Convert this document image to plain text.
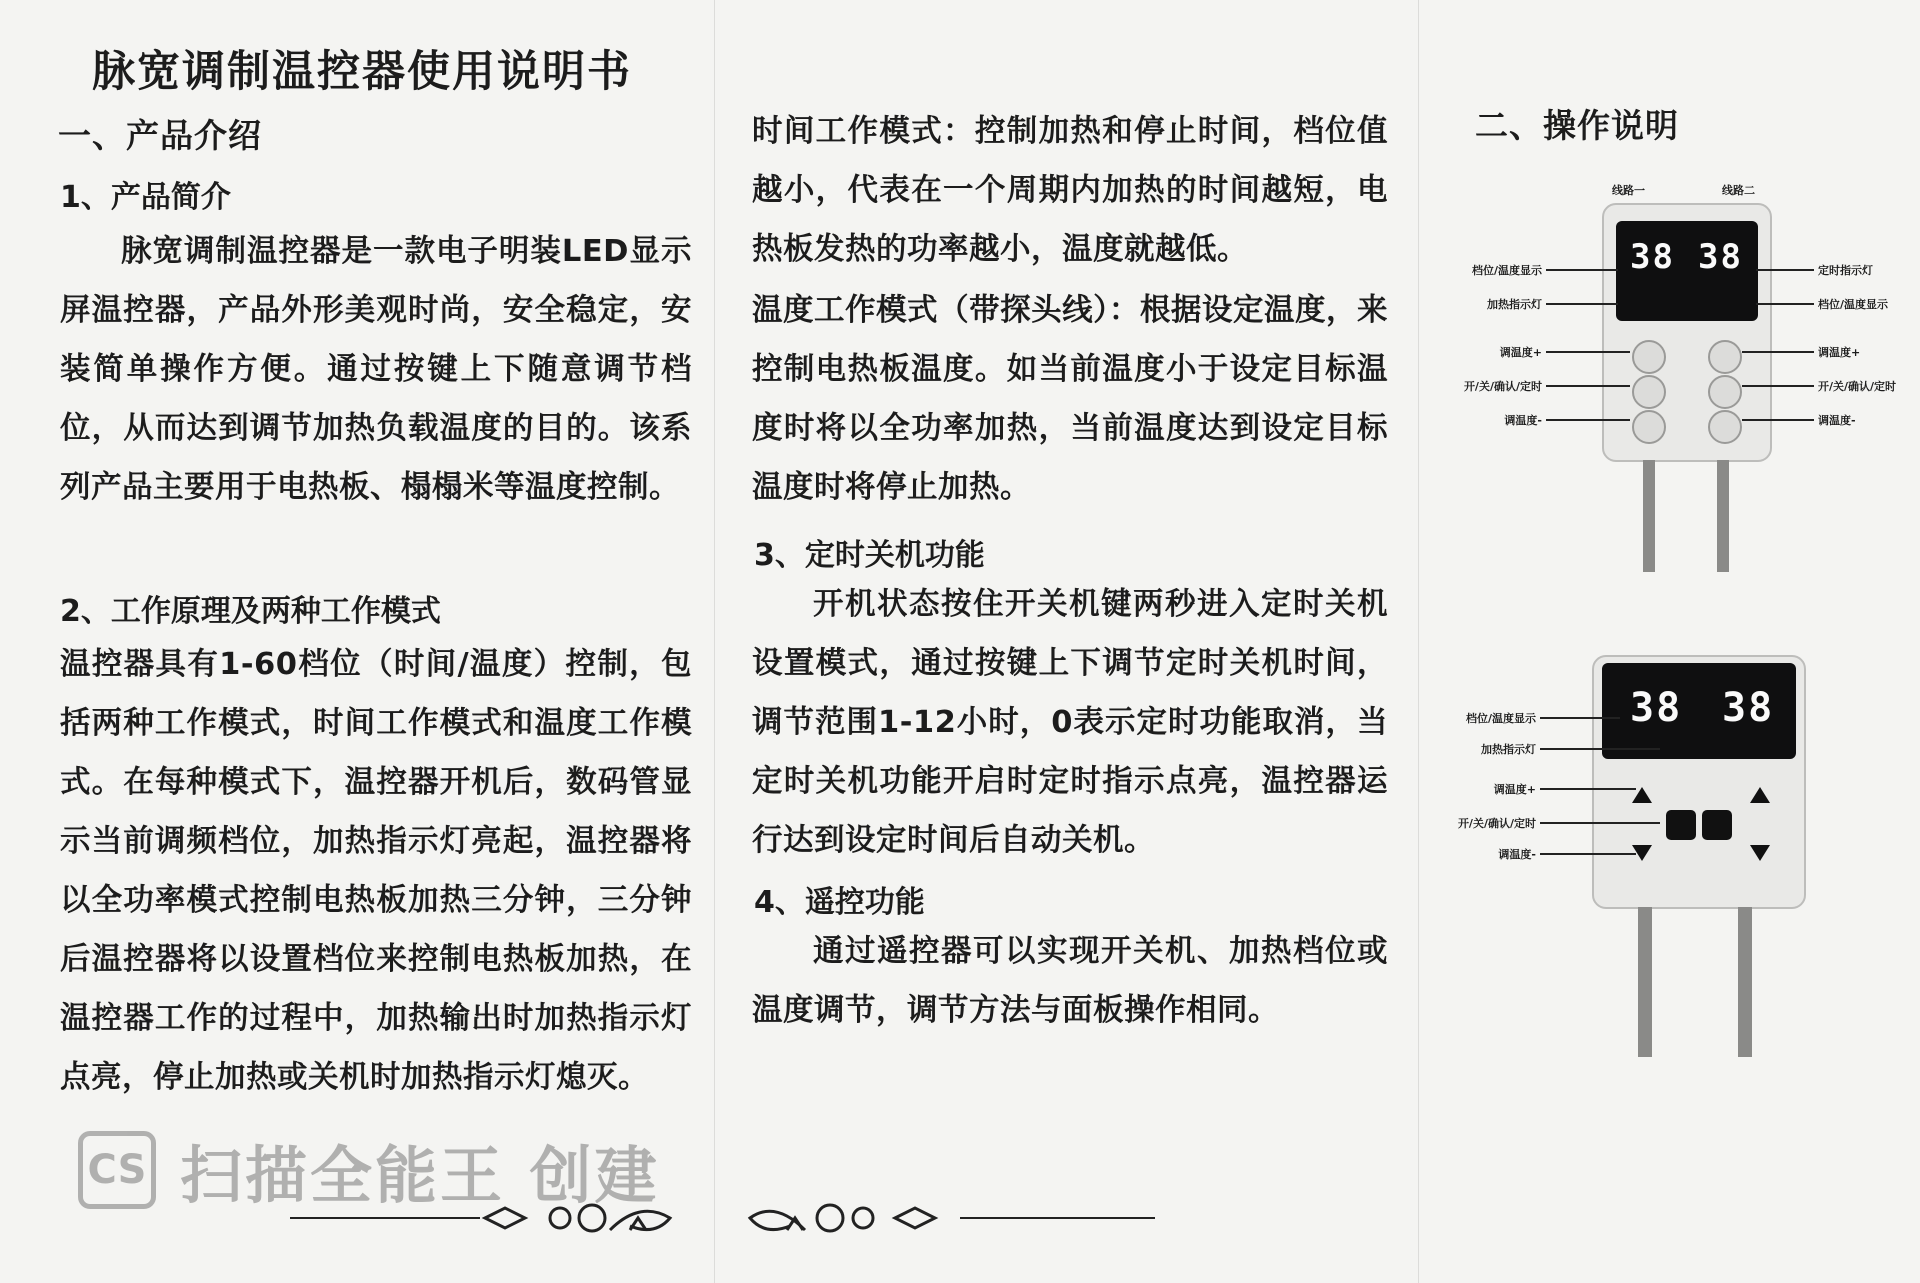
脉宽调制温控器使用说明书
一、产品介绍
1、产品简介

脉宽调制温控器是一款电子明装LED显示屏温控器，产品外形美观时尚，安全稳定，安装简单操作方便。通过按键上下随意调节档位，从而达到调节加热负载温度的目的。该系列产品主要用于电热板、榻榻米等温度控制。

2、工作原理及两种工作模式

温控器具有1-60档位（时间/温度）控制，包括两种工作模式，时间工作模式和温度工作模式。在每种模式下，温控器开机后，数码管显示当前调频档位，加热指示灯亮起，温控器将以全功率模式控制电热板加热三分钟，三分钟后温控器将以设置档位来控制电热板加热，在温控器工作的过程中，加热输出时加热指示灯点亮，停止加热或关机时加热指示灯熄灭。

时间工作模式：控制加热和停止时间，档位值越小，代表在一个周期内加热的时间越短，电热板发热的功率越小，温度就越低。

温度工作模式（带探头线）：根据设定温度，来控制电热板温度。如当前温度小于设定目标温度时将以全功率加热，当前温度达到设定目标温度时将停止加热。

3、定时关机功能

开机状态按住开关机键两秒进入定时关机设置模式，通过按键上下调节定时关机时间，调节范围1-12小时，0表示定时功能取消，当定时关机功能开启时定时指示点亮，温控器运行达到设定时间后自动关机。

4、遥控功能

通过遥控器可以实现开关机、加热档位或温度调节，调节方法与面板操作相同。

二、操作说明
线路一	线路二
38 38
档位/温度显示
加热指示灯
调温度+
开/关/确认/定时
调温度-
定时指示灯
档位/温度显示
调温度+
开/关/确认/定时
调温度-
38 38
档位/温度显示
加热指示灯
调温度+
开/关/确认/定时
调温度-
CS 扫描全能王 创建
